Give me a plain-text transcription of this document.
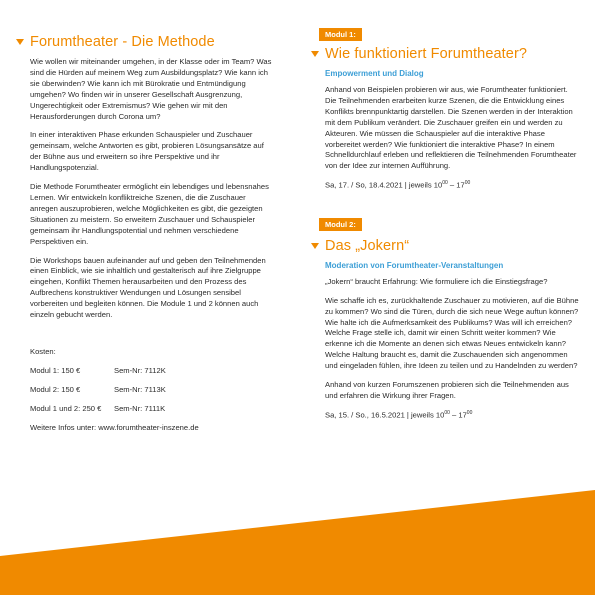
Forumtheater - Die Methode

Wie wollen wir miteinander umgehen, in der Klasse oder im Team? Was sind die Hürden auf meinem Weg zum Ausbildungsplatz? Wie kann ich sie überwinden? Wie kann ich mit Bürokratie und Entmündigung umgehen? Wo finden wir in unserer Gesellschaft Ausgrenzung, Ungerechtigkeit oder Extremismus? Wie gehen wir mit den Herausforderungen durch Corona um?

In einer interaktiven Phase erkunden Schauspieler und Zuschauer gemeinsam, welche Antworten es gibt, probieren Lösungsansätze auf der Bühne aus und erweitern so ihre Perspektive und ihr Handlungspotenzial.

Die Methode Forumtheater ermöglicht ein lebendiges und lebensnahes Lernen. Wir entwickeln konfliktreiche Szenen, die die Zuschauer anregen auszuprobieren, welche Möglichkeiten es gibt, die gezeigten Situationen zu meistern. So erweitern Zuschauer und Schauspieler gemeinsam ihr Handlungspotential und nehmen verschiedene Perspektiven ein.

Die Workshops bauen aufeinander auf und geben den Teilnehmenden einen Einblick, wie sie inhaltlich und gestalterisch auf ihre Zielgruppe eingehen, Konflikt Themen herausarbeiten und den Prozess des Aufbrechens konstruktiver Wendungen und Lösungen sensibel vorbereiten und begleiten können. Die Module 1 und 2 können auch einzeln gebucht werden.

Kosten:
Modul 1: 150 €	Sem-Nr: 7112K
Modul 2: 150 €	Sem-Nr: 7113K
Modul 1 und 2: 250 €	Sem-Nr: 7111K
Weitere Infos unter: www.forumtheater-inszene.de
Modul 1:
Wie funktioniert Forumtheater?
Empowerment und Dialog

Anhand von Beispielen probieren wir aus, wie Forumtheater funktioniert. Die Teilnehmenden erarbeiten kurze Szenen, die die Entwicklung eines Konflikts brennpunktartig darstellen. Die Szenen werden in der Interaktion mit dem Publikum verändert. Die Zuschauer greifen ein und werden zu Akteuren. Wie müssen die Schauspieler auf die interaktive Phase vorbereitet werden? Wie funktioniert die interaktive Phase? In einem Schnelldurchlauf erleben und reflektieren die Teilnehmenden Forumtheater von der Idee zur internen Aufführung.

Sa, 17. / So, 18.4.2021 | jeweils $10^{00} - 17^{00}$
Modul 2:
Das „Jokern“
Moderation von Forumtheater-Veranstaltungen

„Jokern“ braucht Erfahrung: Wie formuliere ich die Einstiegsfrage?

Wie schaffe ich es, zurückhaltende Zuschauer zu motivieren, auf die Bühne zu kommen? Wo sind die Türen, durch die sich neue Wege auftun können? Wie halte ich die Aufmerksamkeit des Publikums? Was will ich erreichen? Welche Frage stelle ich, damit wir einen Schritt weiter kommen? Wie erkenne ich die Momente an denen sich etwas Neues entwickeln kann? Welche Haltung braucht es, damit die Zuschauenden sich angenommen und eingeladen fühlen, ihre Ideen zu teilen und zu Handelnden zu werden?

Anhand von kurzen Forumszenen probieren sich die Teilnehmenden aus und erfahren die Wirkung ihrer Fragen.

Sa, 15. / So., 16.5.2021 | jeweils $10^{00} - 17^{00}$
